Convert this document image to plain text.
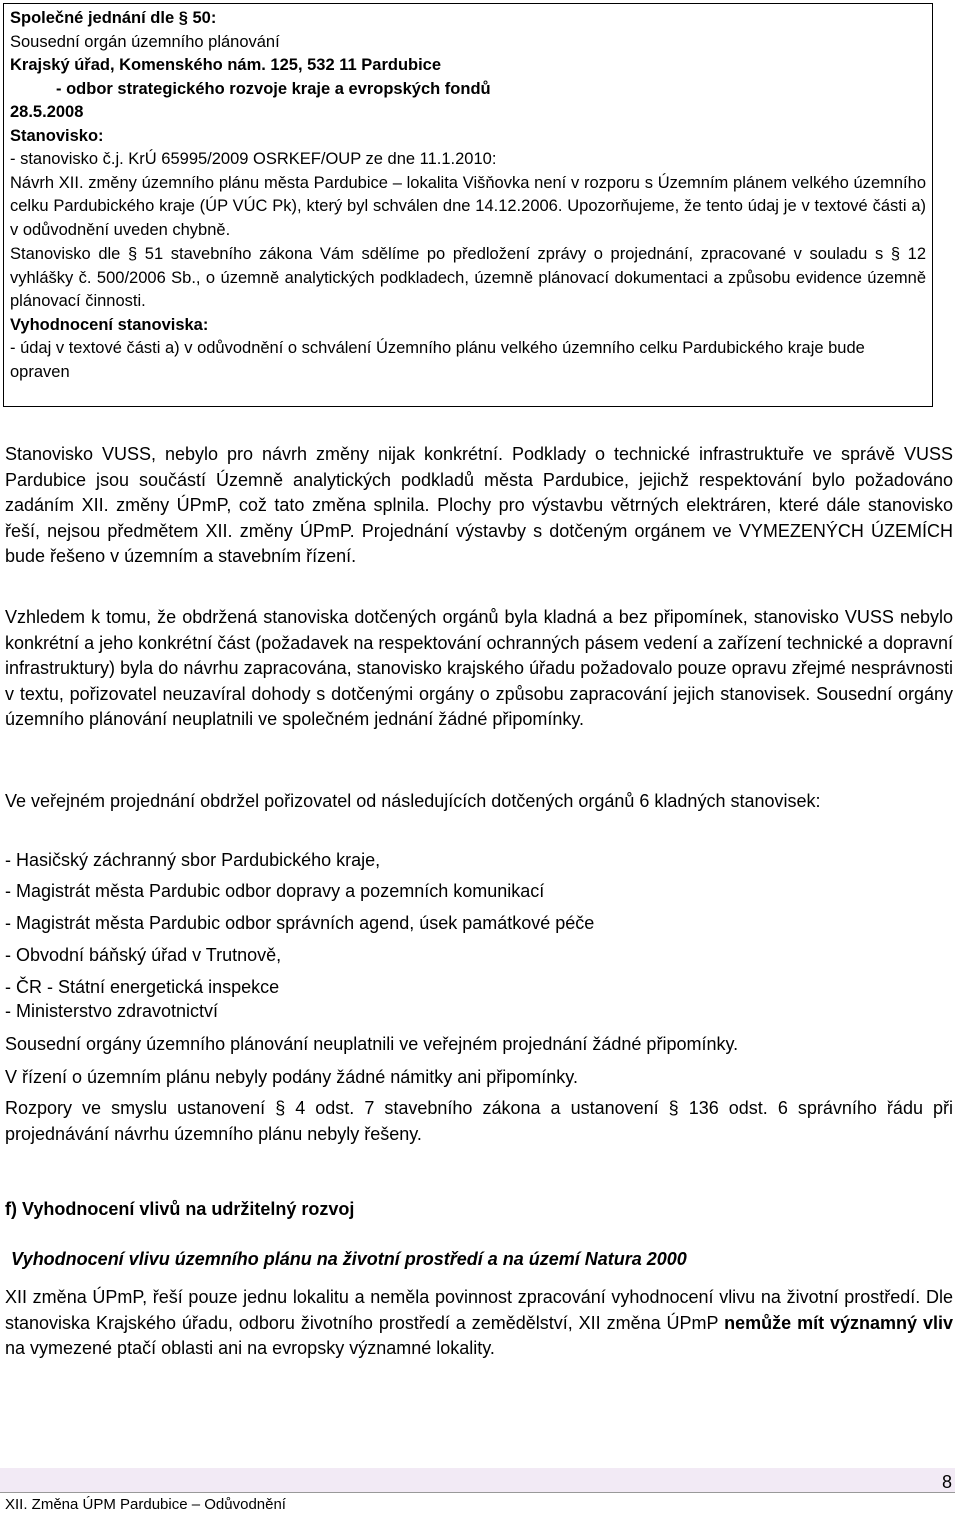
Společné jednání dle § 50:
Sousední orgán územního plánování
Krajský úřad, Komenského nám. 125, 532 11 Pardubice
- odbor strategického rozvoje kraje a evropských fondů
28.5.2008
Stanovisko:
- stanovisko č.j. KrÚ 65995/2009 OSRKEF/OUP ze dne 11.1.2010:

Návrh XII. změny územního plánu města Pardubice – lokalita Višňovka není v rozporu s Územním plánem velkého územního celku Pardubického kraje (ÚP VÚC Pk), který byl schválen dne 14.12.2006. Upozorňujeme, že tento údaj je v textové části a) v odůvodnění uveden chybně.

Stanovisko dle § 51 stavebního zákona Vám sdělíme po předložení zprávy o projednání, zpracované v souladu s § 12 vyhlášky č. 500/2006 Sb., o územně analytických podkladech, územně plánovací dokumentaci a způsobu evidence územně plánovací činnosti.

Vyhodnocení stanoviska:

- údaj v textové části a) v odůvodnění o schválení Územního plánu velkého územního celku Pardubického kraje bude opraven

Stanovisko VUSS, nebylo pro návrh změny nijak konkrétní. Podklady o technické infrastruktuře ve správě VUSS Pardubice jsou součástí Územně analytických podkladů města Pardubice, jejichž respektování bylo požadováno zadáním XII. změny ÚPmP, což tato změna splnila. Plochy pro výstavbu větrných elektráren, které dále stanovisko řeší, nejsou předmětem XII. změny ÚPmP. Projednání výstavby s dotčeným orgánem ve VYMEZENÝCH ÚZEMÍCH bude řešeno v územním a stavebním řízení.
Vzhledem k tomu, že obdržená stanoviska dotčených orgánů byla kladná a bez připomínek, stanovisko VUSS nebylo konkrétní a jeho konkrétní část (požadavek na respektování ochranných pásem vedení a zařízení technické a dopravní infrastruktury) byla do návrhu zapracována, stanovisko krajského úřadu požadovalo pouze opravu zřejmé nesprávnosti v textu, pořizovatel neuzavíral dohody s dotčenými orgány o způsobu zapracování jejich stanovisek. Sousední orgány územního plánování neuplatnili ve společném jednání žádné připomínky.
Ve veřejném projednání obdržel pořizovatel od následujících dotčených orgánů 6 kladných stanovisek:
- Hasičský záchranný sbor Pardubického kraje,
- Magistrát města Pardubic odbor dopravy a pozemních komunikací
- Magistrát města Pardubic odbor správních agend, úsek památkové péče
- Obvodní báňský úřad v Trutnově,
- ČR - Státní energetická inspekce
- Ministerstvo zdravotnictví
Sousední orgány územního plánování neuplatnili ve veřejném projednání žádné připomínky.
V řízení o územním plánu nebyly podány žádné námitky ani připomínky.
Rozpory ve smyslu ustanovení § 4 odst. 7 stavebního zákona a ustanovení § 136 odst. 6 správního řádu při projednávání návrhu územního plánu nebyly řešeny.
f) Vyhodnocení vlivů na udržitelný rozvoj
Vyhodnocení vlivu územního plánu na životní prostředí a na území Natura 2000
XII změna ÚPmP, řeší pouze jednu lokalitu a neměla povinnost zpracování vyhodnocení vlivu na životní prostředí. Dle stanoviska Krajského úřadu, odboru životního prostředí a zemědělství, XII změna ÚPmP nemůže mít významný vliv na vymezené ptačí oblasti ani na evropsky významné lokality.
8
XII. Změna ÚPM Pardubice – Odůvodnění
